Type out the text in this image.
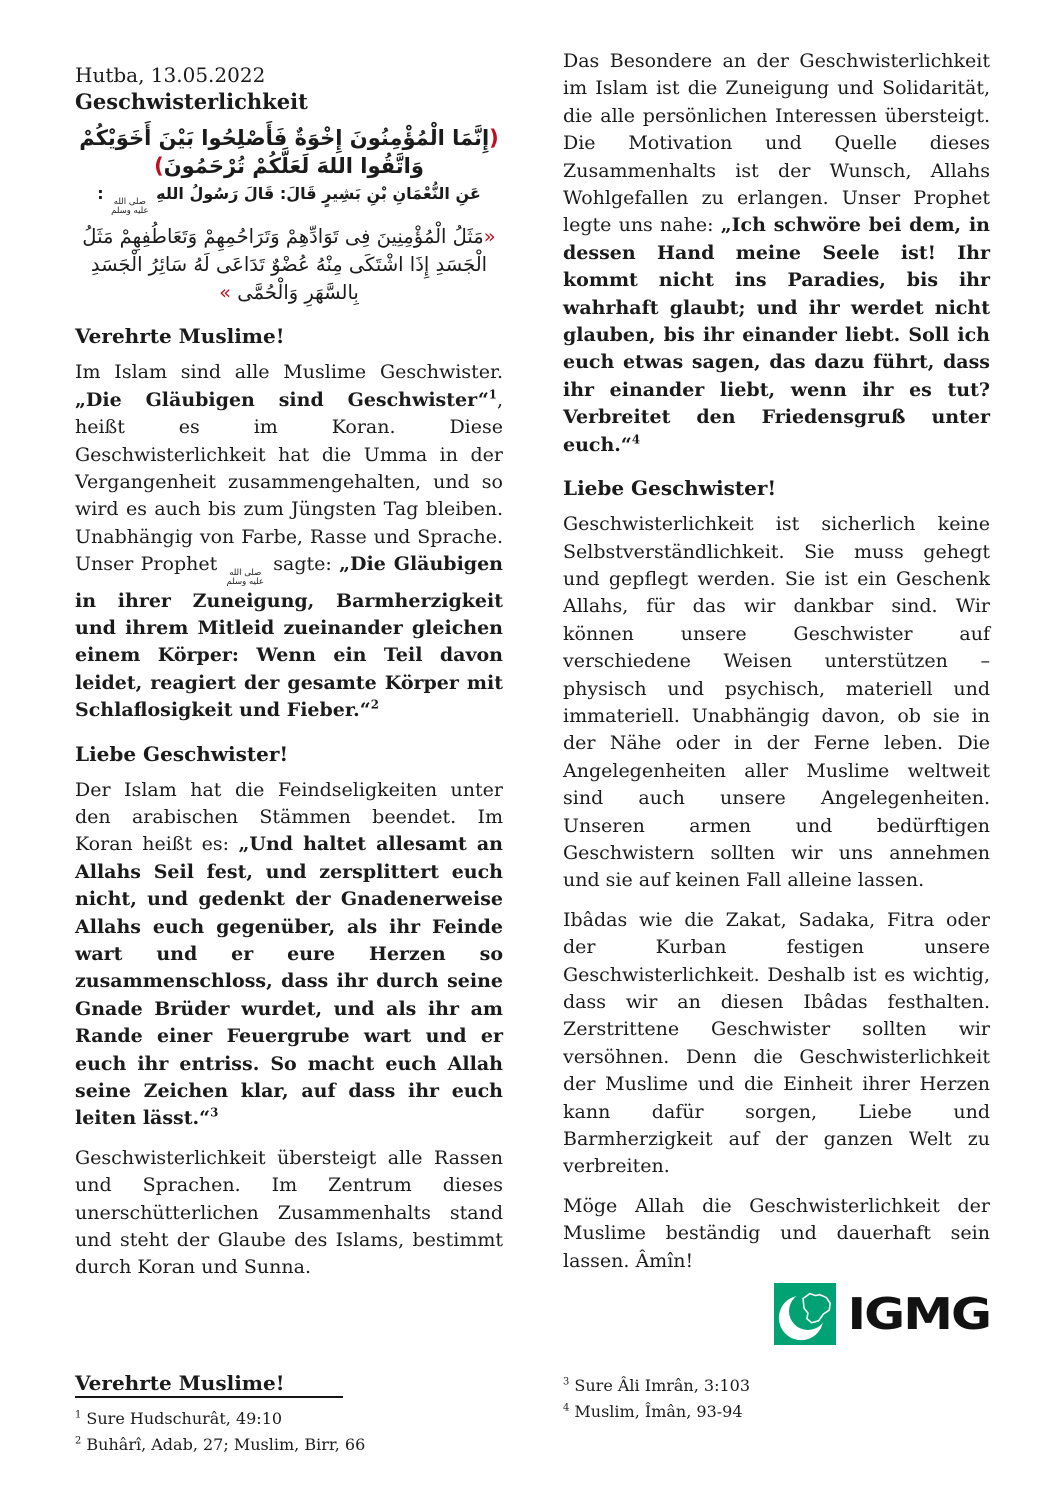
Hutba, 13.05.2022
Geschwisterlichkeit
(إِنَّمَا الْمُؤْمِنُونَ إِخْوَةٌ فَأَصْلِحُوا بَيْنَ أَخَوَيْكُمْ وَاتَّقُوا اللهَ لَعَلَّكُمْ تُرْحَمُونَ)
عَنِ النُّعْمَانِ بْنِ بَشِيرٍ قَالَ: قَالَ رَسُولُ اللهِ
صلى الله
عليه وسلم
:
«مَثَلُ الْمُؤْمِنِينَ فِى تَوَادِّهِمْ وَتَرَاحُمِهِمْ وَتَعَاطُفِهِمْ مَثَلُ الْجَسَدِ إِذَا اشْتَكَى مِنْهُ عُضْوٌ تَدَاعَى لَهُ سَائِرُ الْجَسَدِ بِالسَّهَرِ وَالْحُمَّى »
Verehrte Muslime!
Im Islam sind alle Muslime Geschwister. „Die Gläubigen sind Geschwister“$^1$, heißt es im Koran. Diese Geschwisterlichkeit hat die Umma in der Vergangenheit zusammengehalten, und so wird es auch bis zum Jüngsten Tag bleiben. Unabhängig von Farbe, Rasse und Sprache. Unser Prophet صلى الله
عليه وسلم
sagte: „Die Gläubigen in ihrer Zuneigung, Barmherzigkeit und ihrem Mitleid zueinander gleichen einem Körper: Wenn ein Teil davon leidet, reagiert der gesamte Körper mit Schlaflosigkeit und Fieber.“$^2$
Liebe Geschwister!
Der Islam hat die Feindseligkeiten unter den arabischen Stämmen beendet. Im Koran heißt es: „Und haltet allesamt an Allahs Seil fest, und zersplittert euch nicht, und gedenkt der Gnadenerweise Allahs euch gegenüber, als ihr Feinde wart und er eure Herzen so zusammenschloss, dass ihr durch seine Gnade Brüder wurdet, und als ihr am Rande einer Feuergrube wart und er euch ihr entriss. So macht euch Allah seine Zeichen klar, auf dass ihr euch leiten lässt.“$^3$
Geschwisterlichkeit übersteigt alle Rassen und Sprachen. Im Zentrum dieses unerschütterlichen Zusammenhalts stand und steht der Glaube des Islams, bestimmt durch Koran und Sunna.
Verehrte Muslime!
$^1$ Sure Hudschurât, 49:10
$^2$ Buhârî, Adab, 27; Muslim, Birr, 66
Das Besondere an der Geschwisterlichkeit im Islam ist die Zuneigung und Solidarität, die alle persönlichen Interessen übersteigt. Die Motivation und Quelle dieses Zusammenhalts ist der Wunsch, Allahs Wohlgefallen zu erlangen. Unser Prophet legte uns nahe: „Ich schwöre bei dem, in dessen Hand meine Seele ist! Ihr kommt nicht ins Paradies, bis ihr wahrhaft glaubt; und ihr werdet nicht glauben, bis ihr einander liebt. Soll ich euch etwas sagen, das dazu führt, dass ihr einander liebt, wenn ihr es tut? Verbreitet den Friedensgruß unter euch.“$^4$
Liebe Geschwister!
Geschwisterlichkeit ist sicherlich keine Selbstverständlichkeit. Sie muss gehegt und gepflegt werden. Sie ist ein Geschenk Allahs, für das wir dankbar sind. Wir können unsere Geschwister auf verschiedene Weisen unterstützen – physisch und psychisch, materiell und immateriell. Unabhängig davon, ob sie in der Nähe oder in der Ferne leben. Die Angelegenheiten aller Muslime weltweit sind auch unsere Angelegenheiten. Unseren armen und bedürftigen Geschwistern sollten wir uns annehmen und sie auf keinen Fall alleine lassen.
Ibâdas wie die Zakat, Sadaka, Fitra oder der Kurban festigen unsere Geschwisterlichkeit. Deshalb ist es wichtig, dass wir an diesen Ibâdas festhalten. Zerstrittene Geschwister sollten wir versöhnen. Denn die Geschwisterlichkeit der Muslime und die Einheit ihrer Herzen kann dafür sorgen, Liebe und Barmherzigkeit auf der ganzen Welt zu verbreiten.
Möge Allah die Geschwisterlichkeit der Muslime beständig und dauerhaft sein lassen. Âmîn!
IGMG
$^3$ Sure Âli Imrân, 3:103
$^4$ Muslim, Îmân, 93-94
